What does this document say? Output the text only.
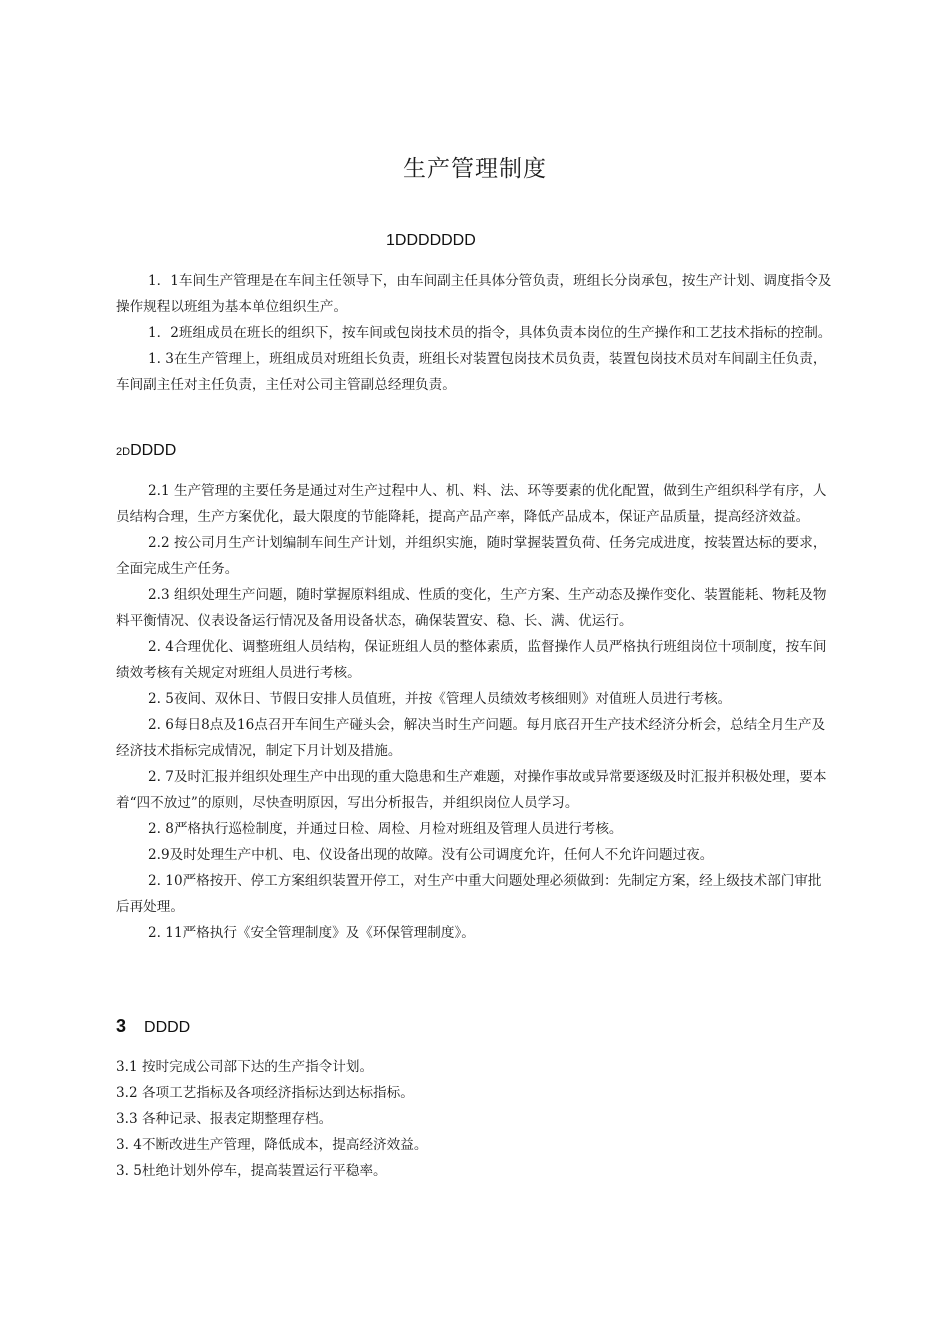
生产管理制度
1DDDDDDD

1．1车间生产管理是在车间主任领导下，由车间副主任具体分管负责，班组长分岗承包，按生产计划、调度指令及操作规程以班组为基本单位组织生产。

1．2班组成员在班长的组织下，按车间或包岗技术员的指令，具体负责本岗位的生产操作和工艺技术指标的控制。

1. 3在生产管理上，班组成员对班组长负责，班组长对装置包岗技术员负责，装置包岗技术员对车间副主任负责，车间副主任对主任负责，主任对公司主管副总经理负责。

2DDDDD

2.1 生产管理的主要任务是通过对生产过程中人、机、料、法、环等要素的优化配置，做到生产组织科学有序，人员结构合理，生产方案优化，最大限度的节能降耗，提高产品产率，降低产品成本，保证产品质量，提高经济效益。

2.2 按公司月生产计划编制车间生产计划，并组织实施，随时掌握装置负荷、任务完成进度，按装置达标的要求，全面完成生产任务。

2.3 组织处理生产问题，随时掌握原料组成、性质的变化，生产方案、生产动态及操作变化、装置能耗、物耗及物料平衡情况、仪表设备运行情况及备用设备状态，确保装置安、稳、长、满、优运行。

2. 4合理优化、调整班组人员结构，保证班组人员的整体素质，监督操作人员严格执行班组岗位十项制度，按车间绩效考核有关规定对班组人员进行考核。

2. 5夜间、双休日、节假日安排人员值班，并按《管理人员绩效考核细则》对值班人员进行考核。

2. 6每日8点及16点召开车间生产碰头会，解决当时生产问题。每月底召开生产技术经济分析会，总结全月生产及经济技术指标完成情况，制定下月计划及措施。

2. 7及时汇报并组织处理生产中出现的重大隐患和生产难题，对操作事故或异常要逐级及时汇报并积极处理，要本着“四不放过”的原则，尽快查明原因，写出分析报告，并组织岗位人员学习。

2. 8严格执行巡检制度，并通过日检、周检、月检对班组及管理人员进行考核。

2.9及时处理生产中机、电、仪设备出现的故障。没有公司调度允许，任何人不允许问题过夜。

2. 10严格按开、停工方案组织装置开停工，对生产中重大问题处理必须做到：先制定方案，经上级技术部门审批后再处理。

2. 11严格执行《安全管理制度》及《环保管理制度》。

3 DDDD

3.1 按时完成公司部下达的生产指令计划。

3.2 各项工艺指标及各项经济指标达到达标指标。

3.3 各种记录、报表定期整理存档。

3. 4不断改进生产管理，降低成本，提高经济效益。

3. 5杜绝计划外停车，提高装置运行平稳率。
